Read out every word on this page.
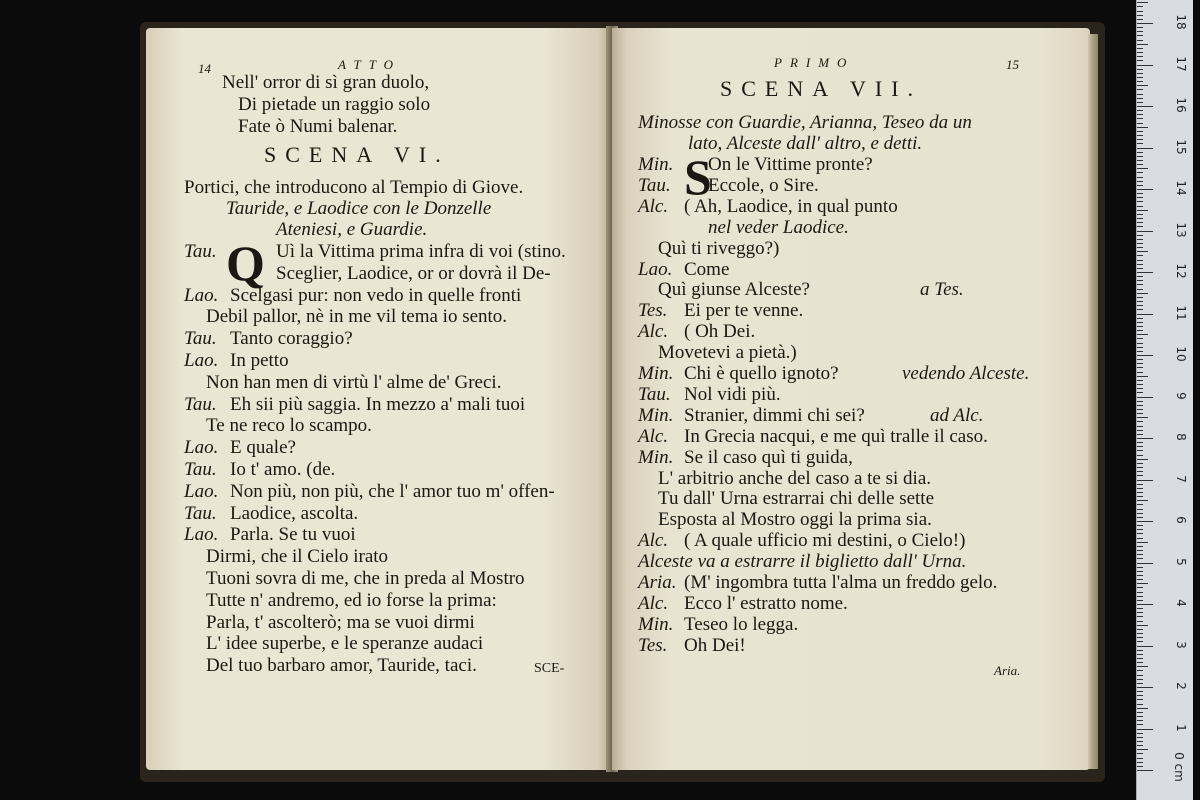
14	ATTO
Nell' orror di sì gran duolo,
Di pietade un raggio solo
Fate ò Numi balenar.
SCENA VI.
Portici, che introducono al Tempio di Giove.
Tauride, e Laodice con le Donzelle
Ateniesi, e Guardie.
Q
Tau.	Uì la Vittima prima infra di voi (stino.
Sceglier, Laodice, or or dovrà il De-
Lao. Scelgasi pur: non vedo in quelle fronti
Debil pallor, nè in me vil tema io sento.
Tau. Tanto coraggio?
Lao. In petto
Non han men di virtù l' alme de' Greci.
Tau. Eh sii più saggia. In mezzo a' mali tuoi
Te ne reco lo scampo.
Lao. E quale?
Tau. Io t' amo. (de.
Lao. Non più, non più, che l' amor tuo m' offen-
Tau. Laodice, ascolta.
Lao. Parla. Se tu vuoi
Dirmi, che il Cielo irato
Tuoni sovra di me, che in preda al Mostro
Tutte n' andremo, ed io forse la prima:
Parla, t' ascolterò; ma se vuoi dirmi
L' idee superbe, e le speranze audaci
Del tuo barbaro amor, Tauride, taci.	SCE-
PRIMO	15
SCENA VII.
Minosse con Guardie, Arianna, Teseo da un
lato, Alceste dall' altro, e detti.
S
Min. On le Vittime pronte?
Tau. Eccole, o Sire.
Alc. ( Ah, Laodice, in qual punto
nel veder Laodice.
Quì ti riveggo?)
Lao. Come
Quì giunse Alceste?	a Tes.
Tes. Ei per te venne.
Alc. ( Oh Dei.
Movetevi a pietà.)
Min. Chi è quello ignoto?	vedendo Alceste.
Tau. Nol vidi più.
Min. Stranier, dimmi chi sei?	ad Alc.
Alc. In Grecia nacqui, e me quì tralle il caso.
Min. Se il caso quì ti guida,
L' arbitrio anche del caso a te si dia.
Tu dall' Urna estrarrai chi delle sette
Esposta al Mostro oggi la prima sia.
Alc. ( A quale ufficio mi destini, o Cielo!)
Alceste va a estrarre il biglietto dall' Urna.
Aria. (M' ingombra tutta l'alma un freddo gelo.
Alc. Ecco l' estratto nome.
Min. Teseo lo legga.
Tes. Oh Dei!
Aria.
0 cm
1
2
3
4
5
6
7
8
9
10
11
12
13
14
15
16
17
18
